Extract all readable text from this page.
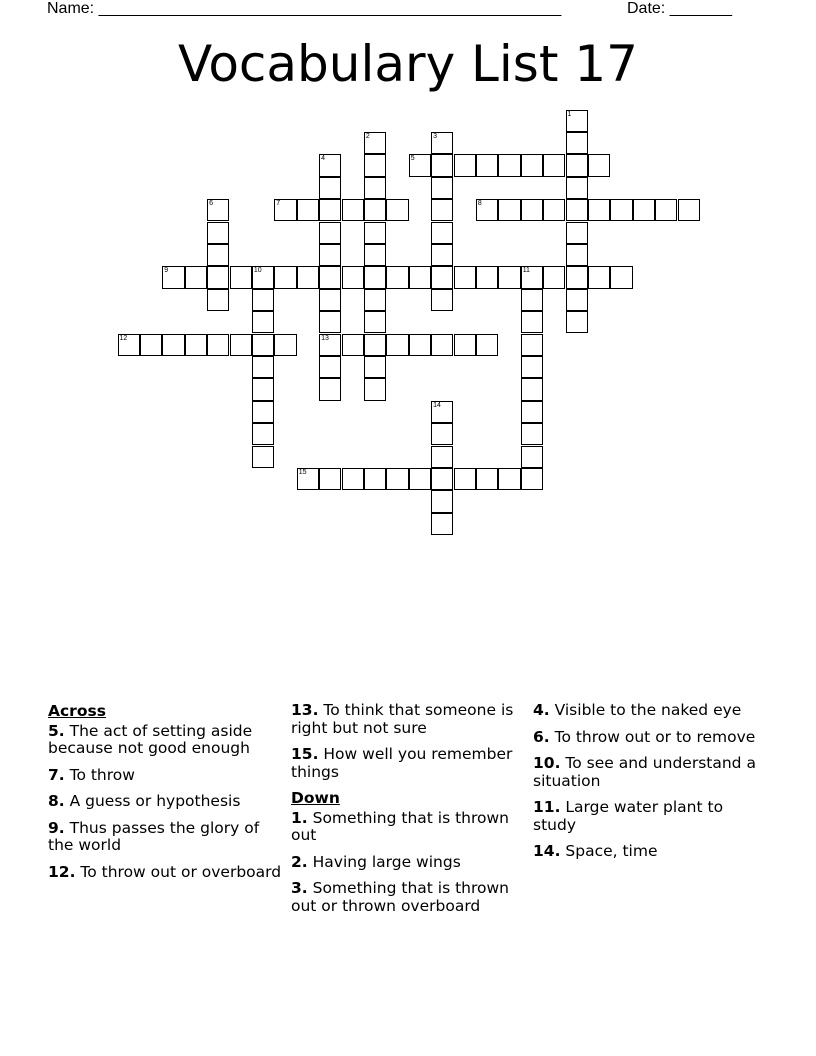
Name: ____________________________________________________	Date: _______
Vocabulary List 17
1
2	3
4
13
5
6	7	8
9	10	11
12
14
15
Across
5. The act of setting aside because not good enough
7. To throw
8. A guess or hypothesis
9. Thus passes the glory of the world
12. To throw out or overboard
13. To think that someone is right but not sure
15. How well you remember things
Down
1. Something that is thrown out
2. Having large wings
3. Something that is thrown out or thrown overboard
4. Visible to the naked eye
6. To throw out or to remove
10. To see and understand a situation
11. Large water plant to study
14. Space, time
